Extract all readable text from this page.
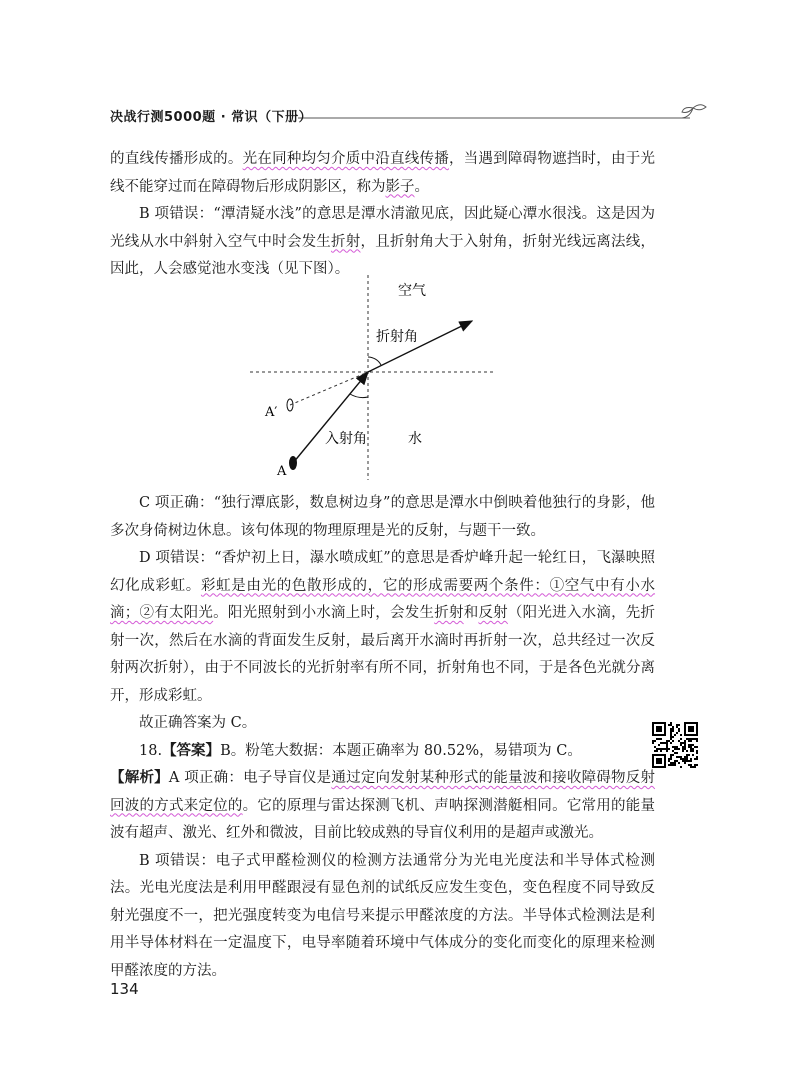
决战行测5000题 · 常识（下册）

的直线传播形成的。光在同种均匀介质中沿直线传播，当遇到障碍物遮挡时，由于光线不能穿过而在障碍物后形成阴影区，称为影子。

B 项错误：“潭清疑水浅”的意思是潭水清澈见底，因此疑心潭水很浅。这是因为光线从水中斜射入空气中时会发生折射，且折射角大于入射角，折射光线远离法线，因此，人会感觉池水变浅（见下图）。

空气
折射角
A′
入射角	水
A

C 项正确：“独行潭底影，数息树边身”的意思是潭水中倒映着他独行的身影，他多次身倚树边休息。该句体现的物理原理是光的反射，与题干一致。

D 项错误：“香炉初上日，瀑水喷成虹”的意思是香炉峰升起一轮红日，飞瀑映照幻化成彩虹。彩虹是由光的色散形成的，它的形成需要两个条件：①空气中有小水滴；②有太阳光。阳光照射到小水滴上时，会发生折射和反射（阳光进入水滴，先折射一次，然后在水滴的背面发生反射，最后离开水滴时再折射一次，总共经过一次反射两次折射），由于不同波长的光折射率有所不同，折射角也不同，于是各色光就分离开，形成彩虹。

故正确答案为 C。

18.【答案】B。粉笔大数据：本题正确率为 80.52%，易错项为 C。

【解析】A 项正确：电子导盲仪是通过定向发射某种形式的能量波和接收障碍物反射回波的方式来定位的。它的原理与雷达探测飞机、声呐探测潜艇相同。它常用的能量波有超声、激光、红外和微波，目前比较成熟的导盲仪利用的是超声或激光。

B 项错误：电子式甲醛检测仪的检测方法通常分为光电光度法和半导体式检测法。光电光度法是利用甲醛跟浸有显色剂的试纸反应发生变色，变色程度不同导致反射光强度不一，把光强度转变为电信号来提示甲醛浓度的方法。半导体式检测法是利用半导体材料在一定温度下，电导率随着环境中气体成分的变化而变化的原理来检测甲醛浓度的方法。

134
